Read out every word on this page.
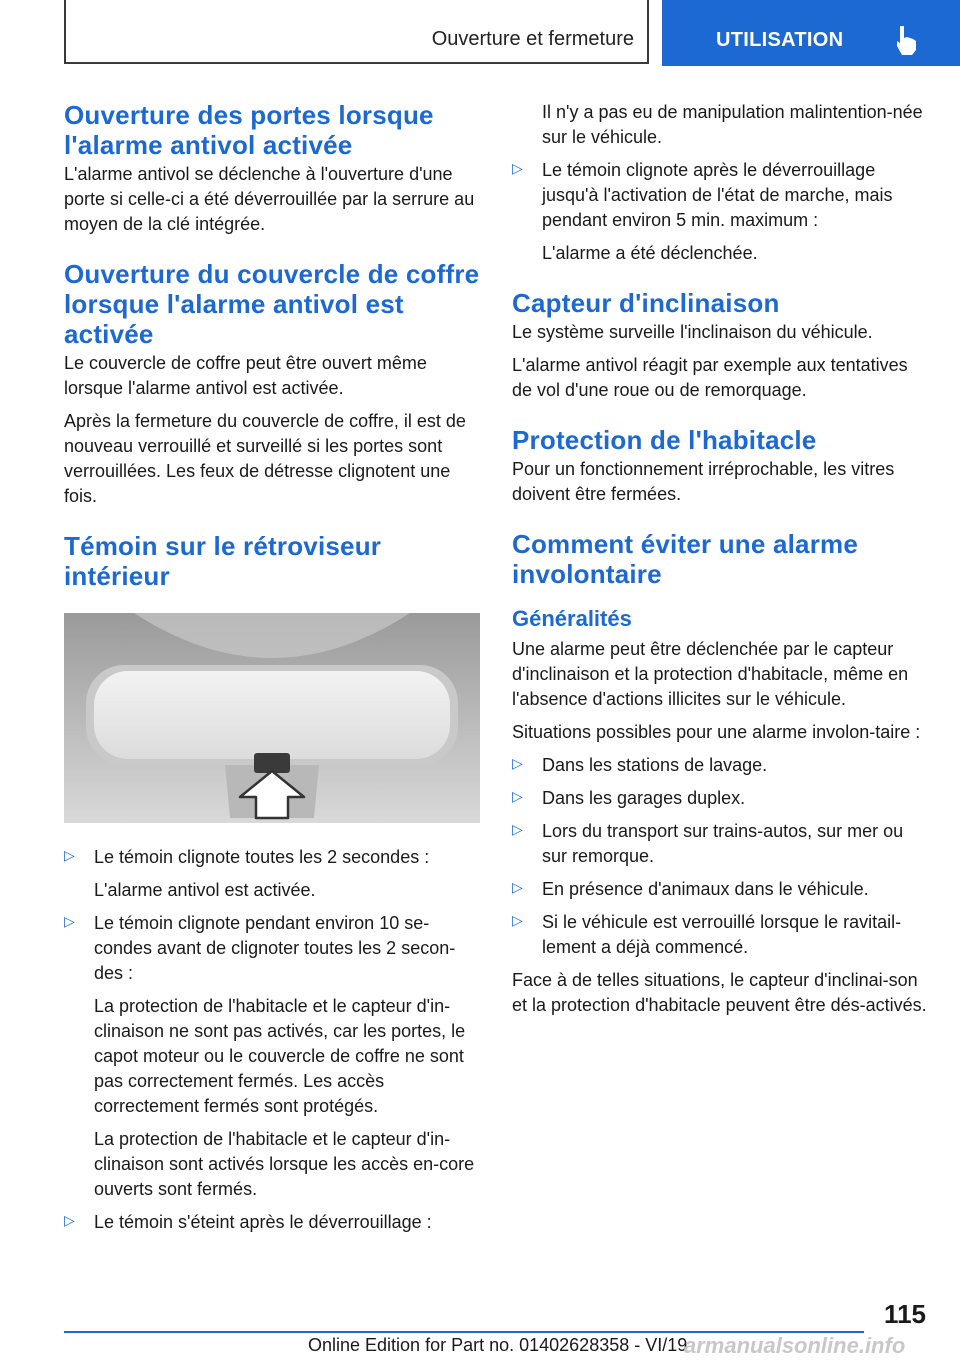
Ouverture et fermeture	UTILISATION
Ouverture des portes lorsque l'alarme antivol activée

L'alarme antivol se déclenche à l'ouverture d'une porte si celle-ci a été déverrouillée par la serrure au moyen de la clé intégrée.

Ouverture du couvercle de coffre lorsque l'alarme antivol est activée

Le couvercle de coffre peut être ouvert même lorsque l'alarme antivol est activée.

Après la fermeture du couvercle de coffre, il est de nouveau verrouillé et surveillé si les portes sont verrouillées. Les feux de détresse clignotent une fois.

Témoin sur le rétroviseur intérieur
▷ Le témoin clignote toutes les 2 secondes :

L'alarme antivol est activée.

▷ Le témoin clignote pendant environ 10 se‐condes avant de clignoter toutes les 2 secon‐des :

La protection de l'habitacle et le capteur d'in‐clinaison ne sont pas activés, car les portes, le capot moteur ou le couvercle de coffre ne sont pas correctement fermés. Les accès correctement fermés sont protégés.

La protection de l'habitacle et le capteur d'in‐clinaison sont activés lorsque les accès en‐core ouverts sont fermés.

▷ Le témoin s'éteint après le déverrouillage :

Il n'y a pas eu de manipulation malintention‐née sur le véhicule.

▷ Le témoin clignote après le déverrouillage jusqu'à l'activation de l'état de marche, mais pendant environ 5 min. maximum :

L'alarme a été déclenchée.

Capteur d'inclinaison

Le système surveille l'inclinaison du véhicule.

L'alarme antivol réagit par exemple aux tentatives de vol d'une roue ou de remorquage.

Protection de l'habitacle

Pour un fonctionnement irréprochable, les vitres doivent être fermées.

Comment éviter une alarme involontaire
Généralités

Une alarme peut être déclenchée par le capteur d'inclinaison et la protection d'habitacle, même en l'absence d'actions illicites sur le véhicule.

Situations possibles pour une alarme involon‐taire :

▷ Dans les stations de lavage.

▷ Dans les garages duplex.

▷ Lors du transport sur trains-autos, sur mer ou sur remorque.

▷ En présence d'animaux dans le véhicule.

▷ Si le véhicule est verrouillé lorsque le ravitail‐lement a déjà commencé.

Face à de telles situations, le capteur d'inclinai‐son et la protection d'habitacle peuvent être dés‐activés.

115
Online Edition for Part no. 01402628358 - VI/19
armanualsonline.info
